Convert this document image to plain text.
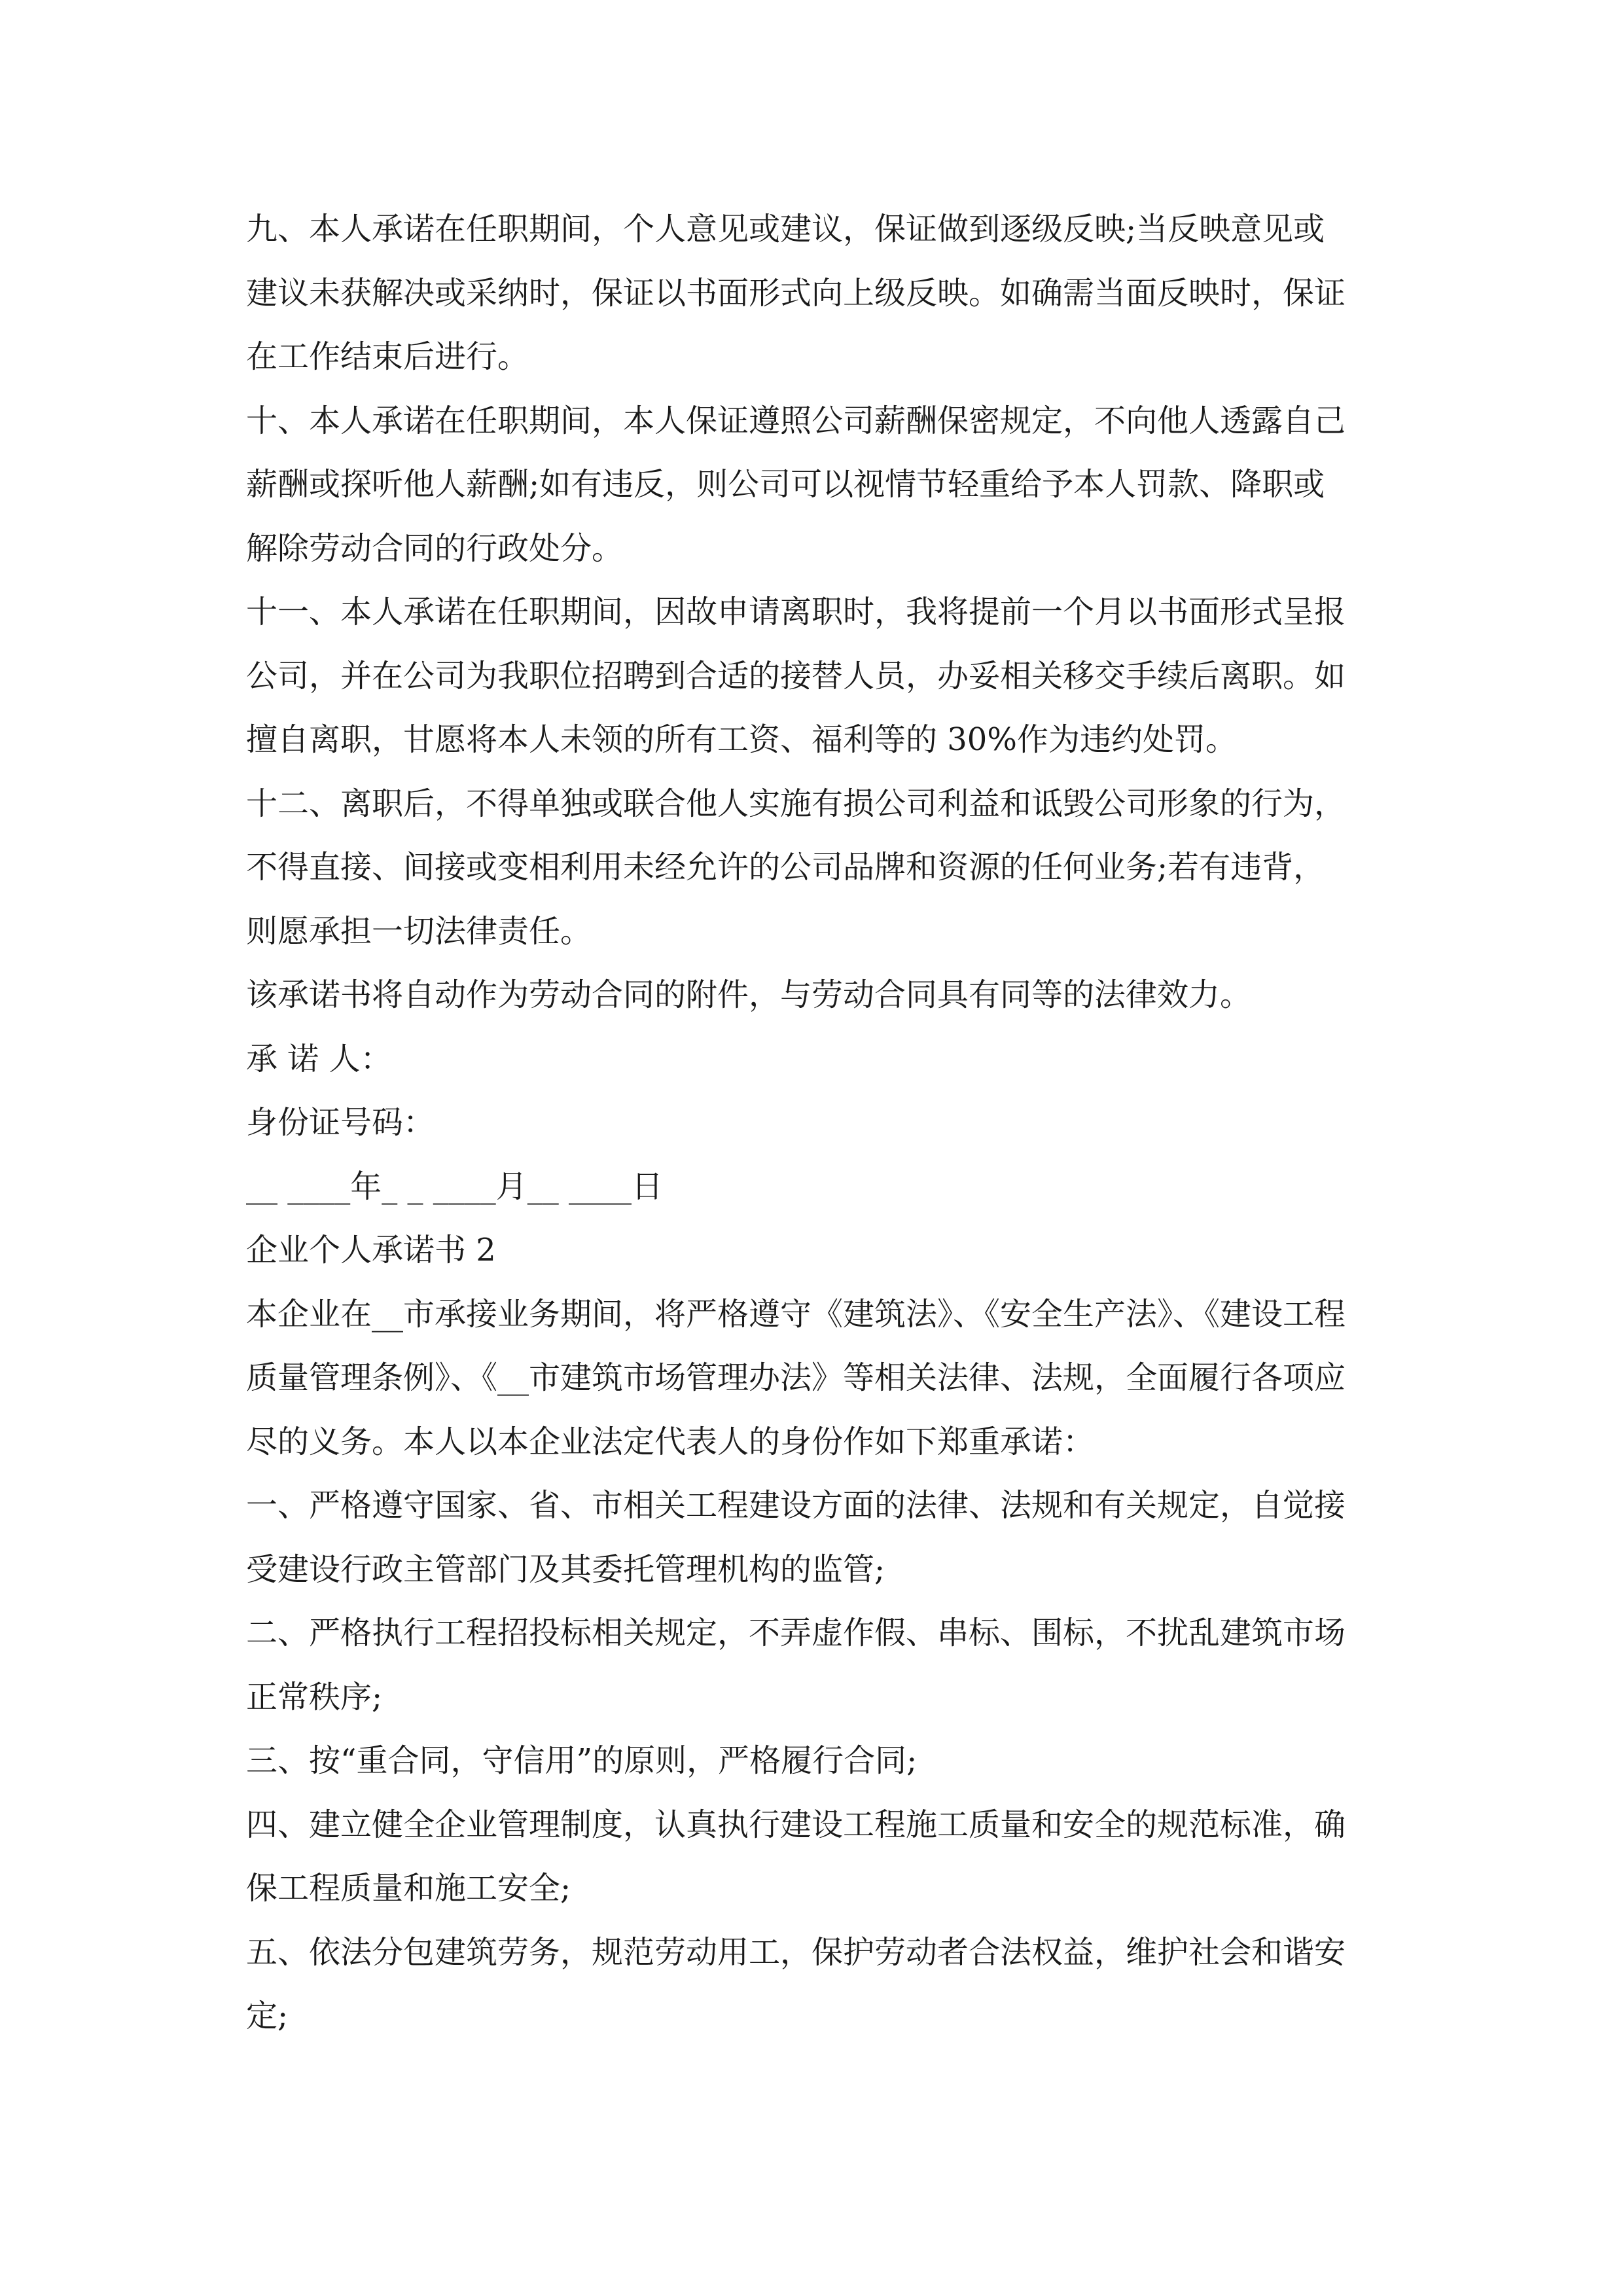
九、本人承诺在任职期间，个人意见或建议，保证做到逐级反映;当反映意见或
建议未获解决或采纳时，保证以书面形式向上级反映。如确需当面反映时，保证
在工作结束后进行。
十、本人承诺在任职期间，本人保证遵照公司薪酬保密规定，不向他人透露自己
薪酬或探听他人薪酬;如有违反，则公司可以视情节轻重给予本人罚款、降职或
解除劳动合同的行政处分。
十一、本人承诺在任职期间，因故申请离职时，我将提前一个月以书面形式呈报
公司，并在公司为我职位招聘到合适的接替人员，办妥相关移交手续后离职。如
擅自离职，甘愿将本人未领的所有工资、福利等的 30%作为违约处罚。
十二、离职后，不得单独或联合他人实施有损公司利益和诋毁公司形象的行为，
不得直接、间接或变相利用未经允许的公司品牌和资源的任何业务;若有违背，
则愿承担一切法律责任。
该承诺书将自动作为劳动合同的附件，与劳动合同具有同等的法律效力。
承 诺 人：
身份证号码：
__ ____年_ _ ____月__ ____日
企业个人承诺书 2
本企业在__市承接业务期间，将严格遵守《建筑法》、《安全生产法》、《建设工程
质量管理条例》、《__市建筑市场管理办法》等相关法律、法规，全面履行各项应
尽的义务。本人以本企业法定代表人的身份作如下郑重承诺：
一、严格遵守国家、省、市相关工程建设方面的法律、法规和有关规定，自觉接
受建设行政主管部门及其委托管理机构的监管;
二、严格执行工程招投标相关规定，不弄虚作假、串标、围标，不扰乱建筑市场
正常秩序;
三、按“重合同，守信用”的原则，严格履行合同;
四、建立健全企业管理制度，认真执行建设工程施工质量和安全的规范标准，确
保工程质量和施工安全;
五、依法分包建筑劳务，规范劳动用工，保护劳动者合法权益，维护社会和谐安
定;
